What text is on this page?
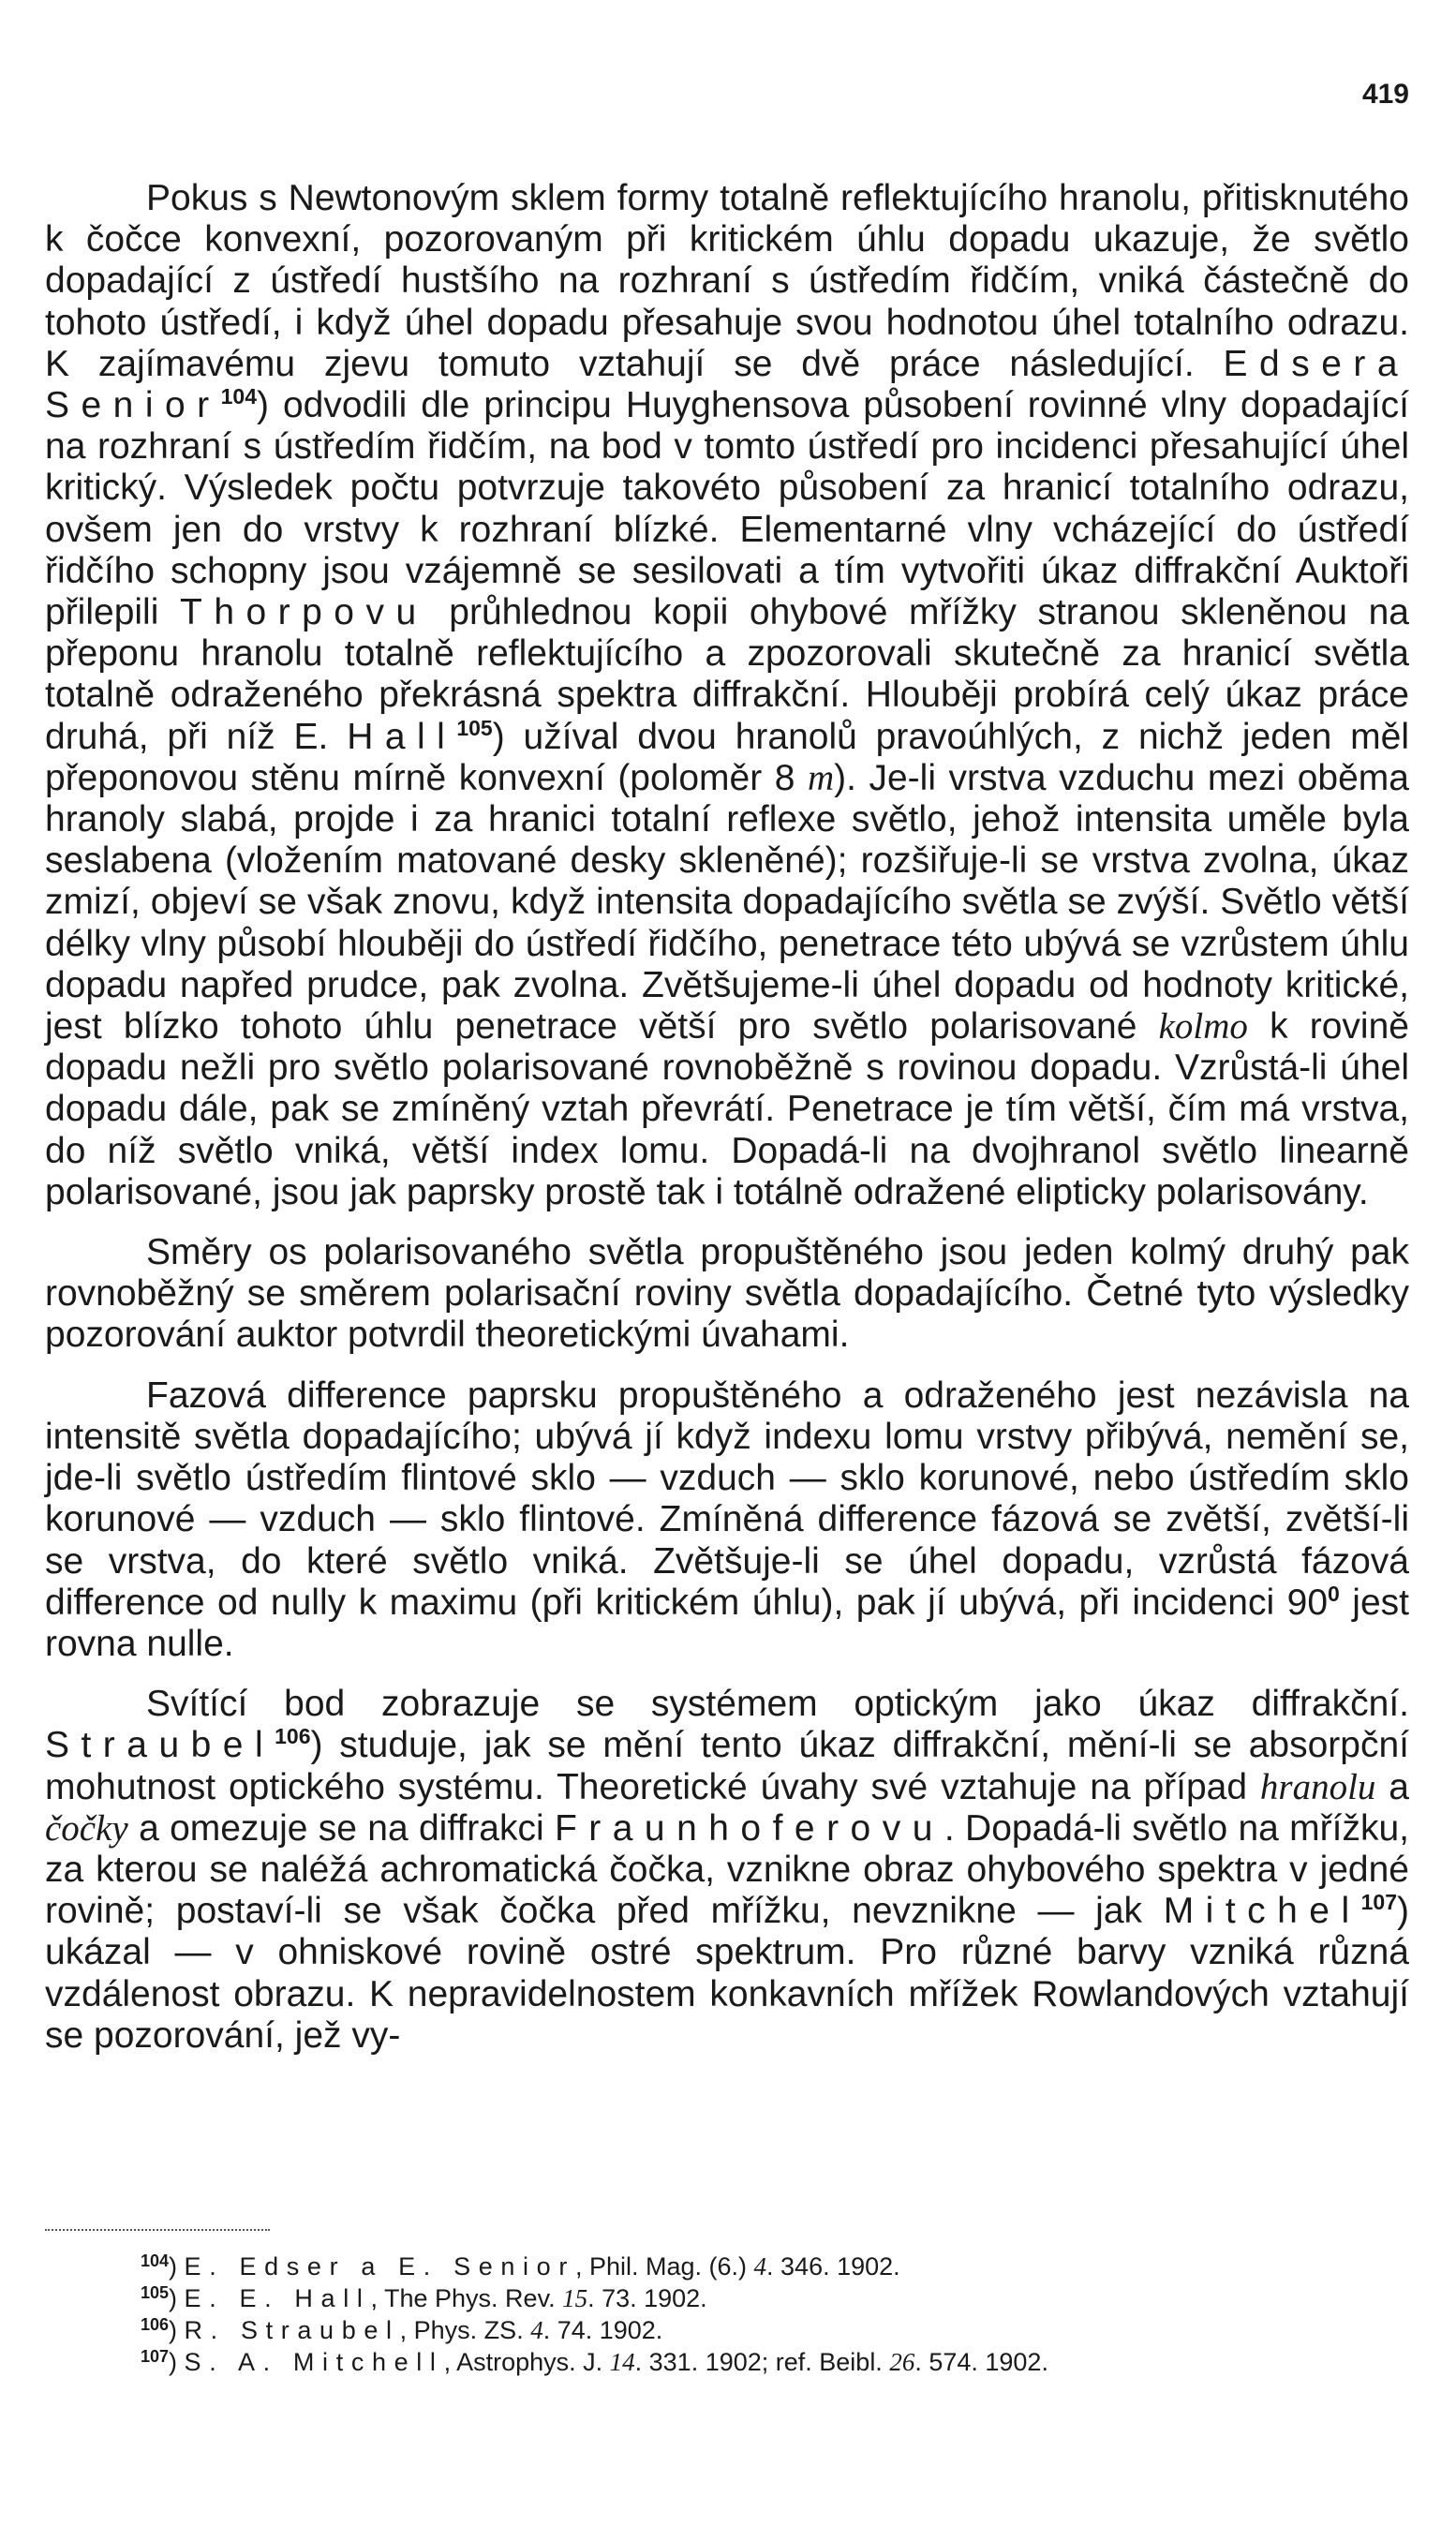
419

Pokus s Newtonovým sklem formy totalně reflektujícího hranolu, přitisknutého k čočce konvexní, pozorovaným při kritickém úhlu dopadu ukazuje, že světlo dopadající z ústředí hustšího na rozhraní s ústředím řidčím, vniká částečně do tohoto ústředí, i když úhel dopadu přesahuje svou hodnotou úhel totalního odrazu. K zajímavému zjevu tomuto vztahují se dvě práce následující. Edsera Senior$^{104}$) odvodili dle principu Huyghensova působení rovinné vlny dopadající na rozhraní s ústředím řidčím, na bod v tomto ústředí pro incidenci přesahující úhel kritický. Výsledek počtu potvrzuje takovéto působení za hranicí totalního odrazu, ovšem jen do vrstvy k rozhraní blízké. Elementarné vlny vcházející do ústředí řidčího schopny jsou vzájemně se sesilovati a tím vytvořiti úkaz diffrakční Auktoři přilepili Thorpovu průhlednou kopii ohybové mřížky stranou skleněnou na přeponu hranolu totalně reflektujícího a zpozorovali skutečně za hranicí světla totalně odraženého překrásná spektra diffrakční. Hlouběji probírá celý úkaz práce druhá, při níž E. Hall$^{105}$) užíval dvou hranolů pravoúhlých, z nichž jeden měl přeponovou stěnu mírně konvexní (poloměr 8 m). Je-li vrstva vzduchu mezi oběma hranoly slabá, projde i za hranici totalní reflexe světlo, jehož intensita uměle byla seslabena (vložením matované desky skleněné); rozšiřuje-li se vrstva zvolna, úkaz zmizí, objeví se však znovu, když intensita dopadajícího světla se zvýší. Světlo větší délky vlny působí hlouběji do ústředí řidčího, penetrace této ubývá se vzrůstem úhlu dopadu napřed prudce, pak zvolna. Zvětšujeme-li úhel dopadu od hodnoty kritické, jest blízko tohoto úhlu penetrace větší pro světlo polarisované kolmo k rovině dopadu nežli pro světlo polarisované rovnoběžně s rovinou dopadu. Vzrůstá-li úhel dopadu dále, pak se zmíněný vztah převrátí. Penetrace je tím větší, čím má vrstva, do níž světlo vniká, větší index lomu. Dopadá-li na dvojhranol světlo linearně polarisované, jsou jak paprsky prostě tak i totálně odražené elipticky polarisovány.

Směry os polarisovaného světla propuštěného jsou jeden kolmý druhý pak rovnoběžný se směrem polarisační roviny světla dopadajícího. Četné tyto výsledky pozorování auktor potvrdil theoretickými úvahami.

Fazová difference paprsku propuštěného a odraženého jest nezávisla na intensitě světla dopadajícího; ubývá jí když indexu lomu vrstvy přibývá, nemění se, jde-li světlo ústředím flintové sklo — vzduch — sklo korunové, nebo ústředím sklo korunové — vzduch — sklo flintové. Zmíněná difference fázová se zvětší, zvětší-li se vrstva, do které světlo vniká. Zvětšuje-li se úhel dopadu, vzrůstá fázová difference od nully k maximu (při kritickém úhlu), pak jí ubývá, při incidenci $90^0$ jest rovna nulle.

Svítící bod zobrazuje se systémem optickým jako úkaz diffrakční. Straubel$^{106}$) studuje, jak se mění tento úkaz diffrakční, mění-li se absorpční mohutnost optického systému. Theoretické úvahy své vztahuje na případ hranolu a čočky a omezuje se na diffrakci Fraunhoferovu. Dopadá-li světlo na mřížku, za kterou se naléžá achromatická čočka, vznikne obraz ohybového spektra v jedné rovině; postaví-li se však čočka před mřížku, nevznikne — jak Mitchel$^{107}$) ukázal — v ohniskové rovině ostré spektrum. Pro různé barvy vzniká různá vzdálenost obrazu. K nepravidelnostem konkavních mřížek Rowlandových vztahují se pozorování, jež vy-

$^{104}$) E. Edser a E. Senior, Phil. Mag. (6.) 4. 346. 1902.
$^{105}$) E. E. Hall, The Phys. Rev. 15. 73. 1902.
$^{106}$) R. Straubel, Phys. ZS. 4. 74. 1902.
$^{107}$) S. A. Mitchell, Astrophys. J. 14. 331. 1902; ref. Beibl. 26. 574. 1902.
